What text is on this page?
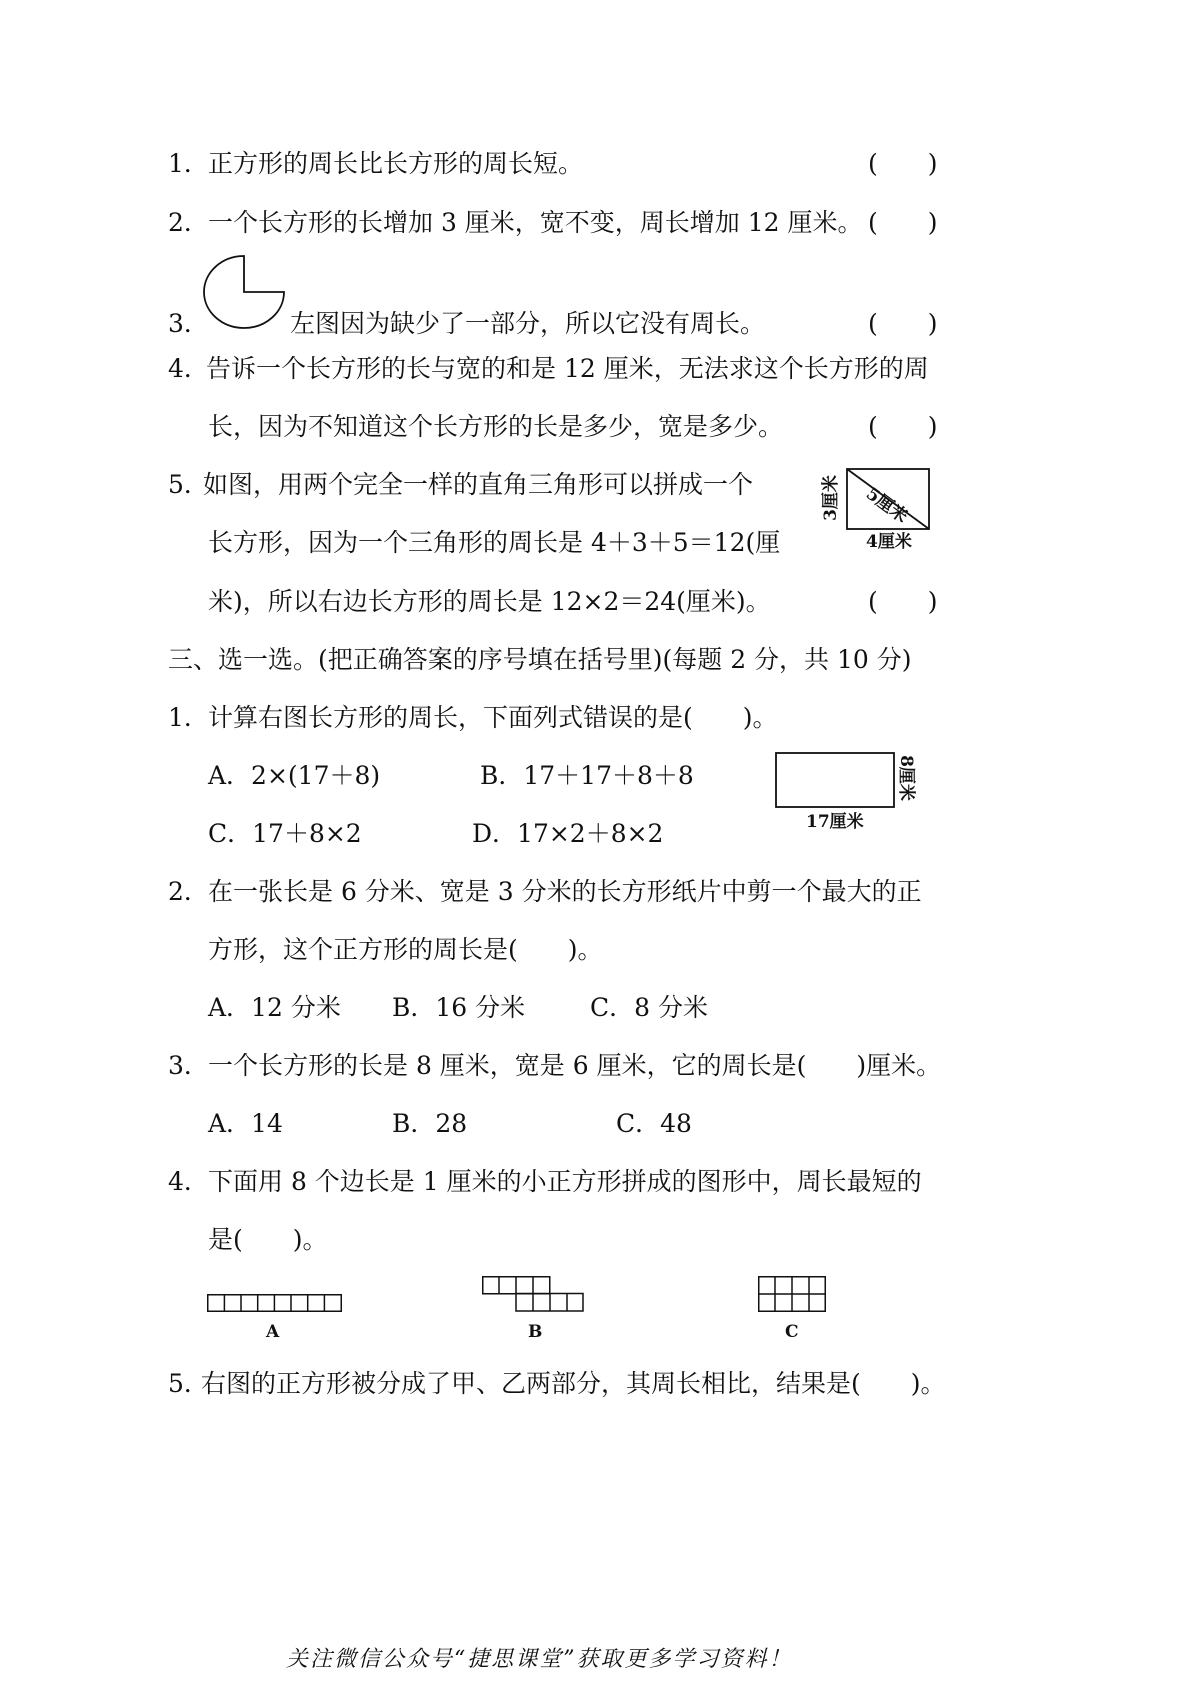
1． 正方形的周长比长方形的周长短。	(　　)
2． 一个长方形的长增加 3 厘米，宽不变，周长增加 12 厘米。 (　　)
3．	左图因为缺少了一部分，所以它没有周长。	(　　)
4．
告诉一个长方形的长与宽的和是 12 厘米，无法求这个长方形的周
长，因为不知道这个长方形的长是多少，宽是多少。	(　　)
5．
如图，用两个完全一样的直角三角形可以拼成一个
长方形，因为一个三角形的周长是 4＋3＋5＝12(厘
米)，所以右边长方形的周长是 12×2＝24(厘米)。	(　　)
3厘米 5厘米
4厘米
三、选一选。(把正确答案的序号填在括号里)(每题 2 分，共 10 分)
1． 计算右图长方形的周长，下面列式错误的是(　　)。
A．2×(17＋8)	B．17＋17＋8＋8
C．17＋8×2	D．17×2＋8×2	17厘米
8厘米
2． 在一张长是 6 分米、宽是 3 分米的长方形纸片中剪一个最大的正
方形，这个正方形的周长是(　　)。
A．12 分米 B．16 分米	C．8 分米
3． 一个长方形的长是 8 厘米，宽是 6 厘米，它的周长是(　　)厘米。
A．14	B．28	C．48
4． 下面用 8 个边长是 1 厘米的小正方形拼成的图形中，周长最短的
是(　　)。
A	B	C
5．
右图的正方形被分成了甲、乙两部分，其周长相比，结果是(　　)。
关注微信公众号“捷思课堂”获取更多学习资料！
